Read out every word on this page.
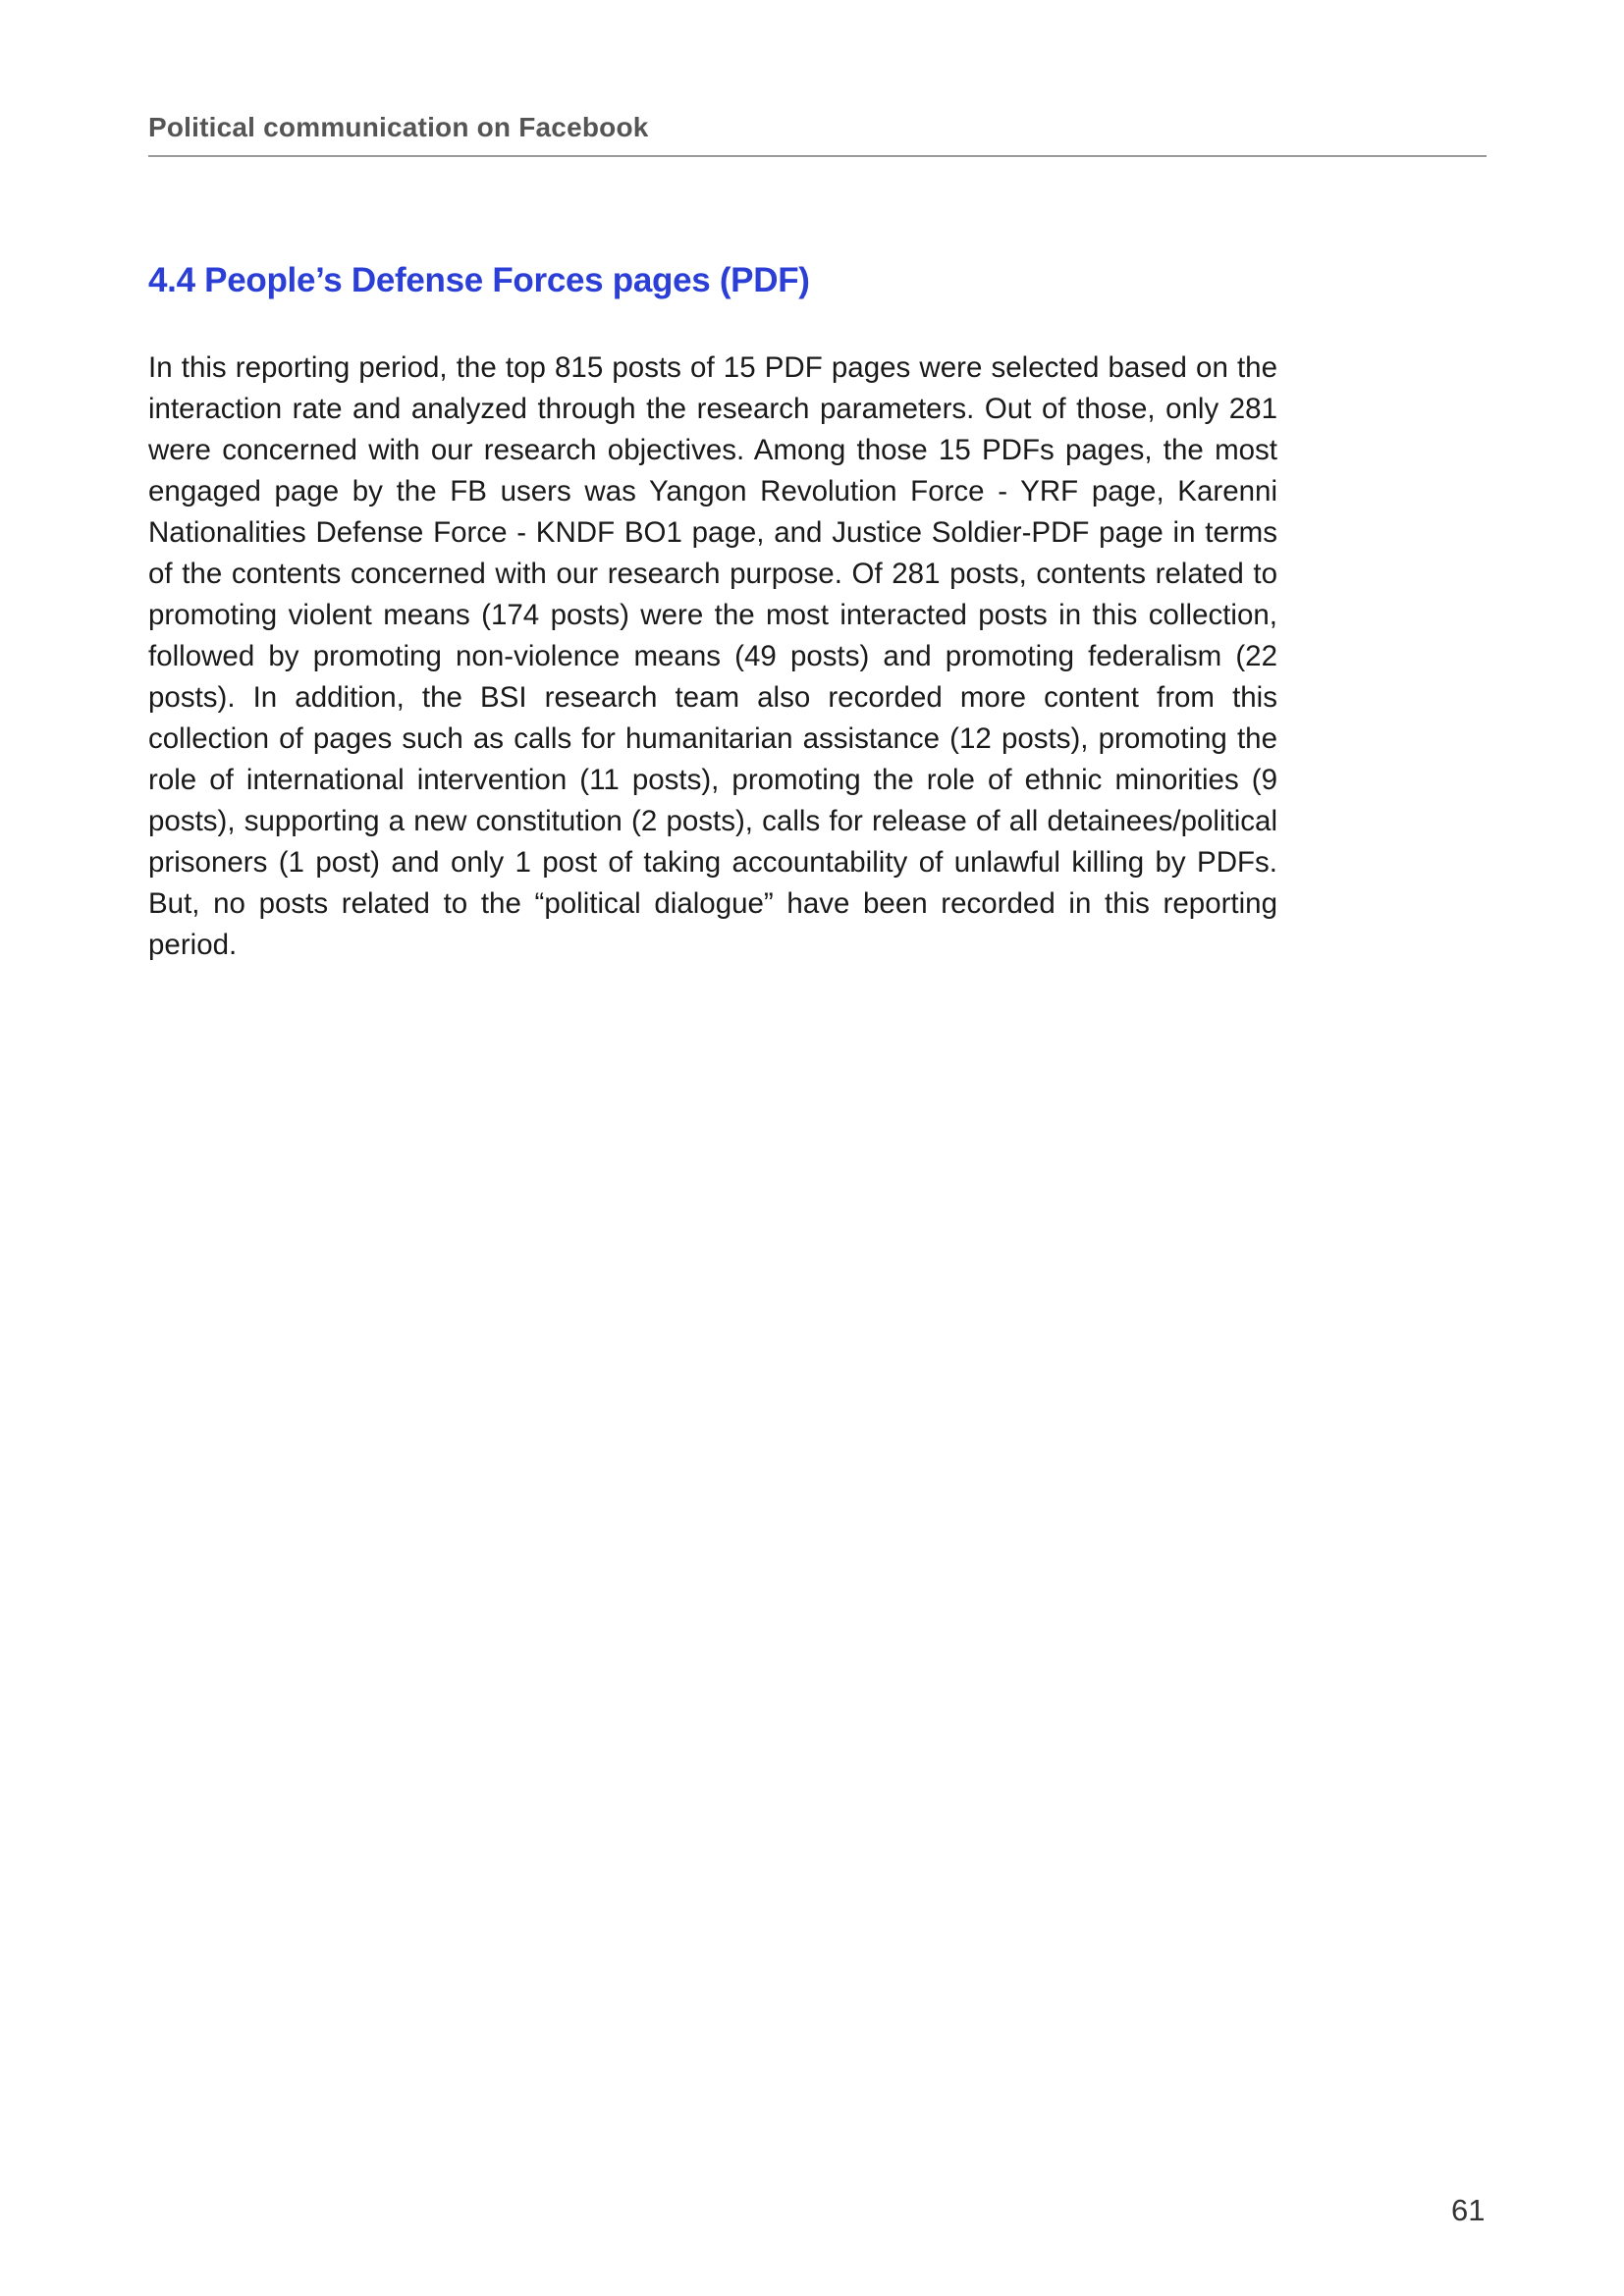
Political communication on Facebook
4.4 People’s Defense Forces pages (PDF)

In this reporting period, the top 815 posts of 15 PDF pages were selected based on the interaction rate and analyzed through the research parameters. Out of those, only 281 were concerned with our research objectives. Among those 15 PDFs pages, the most engaged page by the FB users was Yangon Revolution Force - YRF page, Karenni Nationalities Defense Force - KNDF BO1 page, and Justice Soldier-PDF page in terms of the contents concerned with our research purpose. Of 281 posts, contents related to promoting violent means (174 posts) were the most interacted posts in this collection, followed by promoting non-violence means (49 posts) and promoting federalism (22 posts). In addition, the BSI research team also recorded more content from this collection of pages such as calls for humanitarian assistance (12 posts), promoting the role of international intervention (11 posts), promoting the role of ethnic minorities (9 posts), supporting a new constitution (2 posts), calls for release of all detainees/political prisoners (1 post) and only 1 post of taking accountability of unlawful killing by PDFs. But, no posts related to the “political dialogue” have been recorded in this reporting period.

61
